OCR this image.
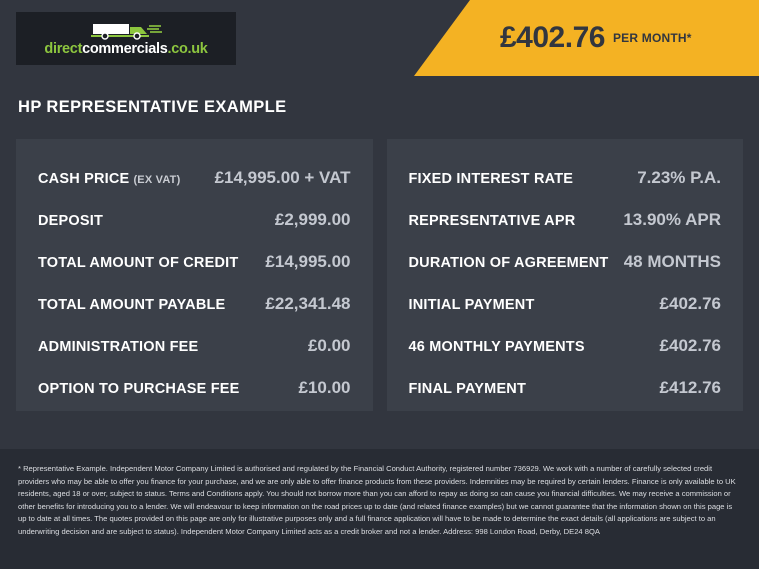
£402.76 PER MONTH*
directcommercials.co.uk
HP REPRESENTATIVE EXAMPLE
CASH PRICE (EX VAT) £14,995.00 + VAT
DEPOSIT	£2,999.00
TOTAL AMOUNT OF CREDIT £14,995.00
TOTAL AMOUNT PAYABLE £22,341.48
ADMINISTRATION FEE	£0.00
OPTION TO PURCHASE FEE	£10.00
FIXED INTEREST RATE	7.23% P.A.
REPRESENTATIVE APR	13.90% APR
DURATION OF AGREEMENT 48 MONTHS
INITIAL PAYMENT	£402.76
46 MONTHLY PAYMENTS	£402.76
FINAL PAYMENT	£412.76

* Representative Example. Independent Motor Company Limited is authorised and regulated by the Financial Conduct Authority, registered number 736929. We work with a number of carefully selected credit providers who may be able to offer you finance for your purchase, and we are only able to offer finance products from these providers. Indemnities may be required by certain lenders. Finance is only available to UK residents, aged 18 or over, subject to status. Terms and Conditions apply. You should not borrow more than you can afford to repay as doing so can cause you financial difficulties. We may receive a commission or other benefits for introducing you to a lender. We will endeavour to keep information on the road prices up to date (and related finance examples) but we cannot guarantee that the information shown on this page is up to date at all times. The quotes provided on this page are only for illustrative purposes only and a full finance application will have to be made to determine the exact details (all applications are subject to an underwriting decision and are subject to status). Independent Motor Company Limited acts as a credit broker and not a lender. Address: 998 London Road, Derby, DE24 8QA
